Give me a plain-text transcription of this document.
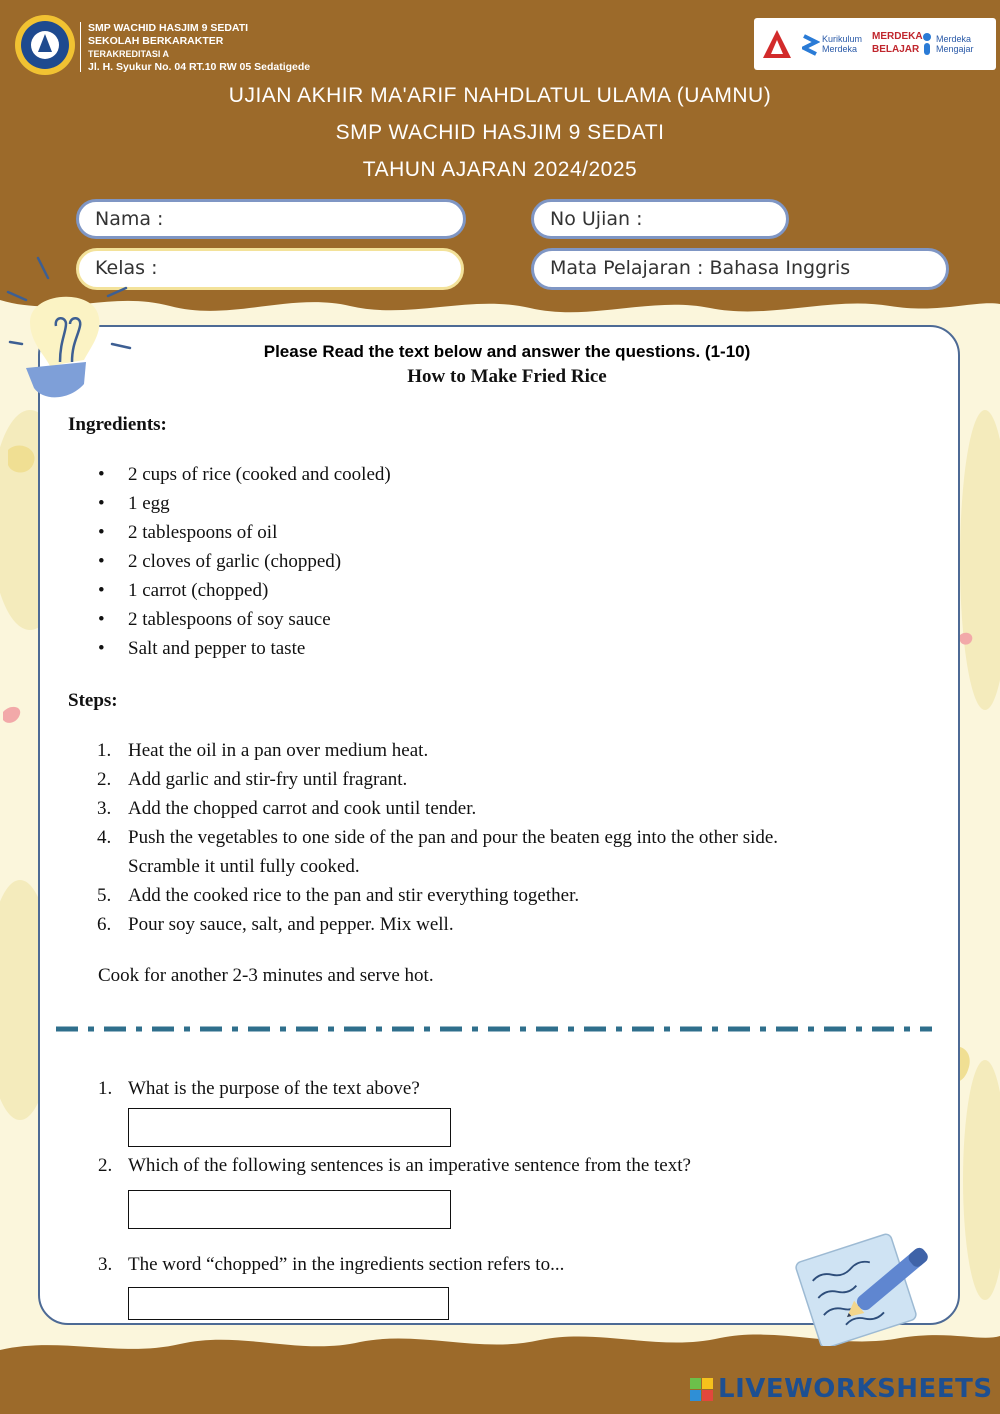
SMP WACHID HASJIM 9 SEDATI
SEKOLAH BERKARAKTER
TERAKREDITASI A
Jl. H. Syukur No. 04 RT.10 RW 05 Sedatigede
Kurikulum Merdeka
MERDEKA BELAJAR
Merdeka Mengajar
UJIAN AKHIR MA'ARIF NAHDLATUL ULAMA (UAMNU)
SMP WACHID HASJIM 9 SEDATI
TAHUN AJARAN 2024/2025
Nama :	No Ujian :
Kelas :	Mata Pelajaran : Bahasa Inggris
Please Read the text below and answer the questions. (1-10)
How to Make Fried Rice
Ingredients:
• 2 cups of rice (cooked and cooled)
• 1 egg
• 2 tablespoons of oil
• 2 cloves of garlic (chopped)
• 1 carrot (chopped)
• 2 tablespoons of soy sauce
• Salt and pepper to taste
Steps:
1. Heat the oil in a pan over medium heat.
2. Add garlic and stir-fry until fragrant.
3. Add the chopped carrot and cook until tender.
4. Push the vegetables to one side of the pan and pour the beaten egg into the other side.
Scramble it until fully cooked.
5. Add the cooked rice to the pan and stir everything together.
6. Pour soy sauce, salt, and pepper. Mix well.
Cook for another 2-3 minutes and serve hot.
1. What is the purpose of the text above?
2. Which of the following sentences is an imperative sentence from the text?
3. The word “chopped” in the ingredients section refers to...
LIVEWORKSHEETS
